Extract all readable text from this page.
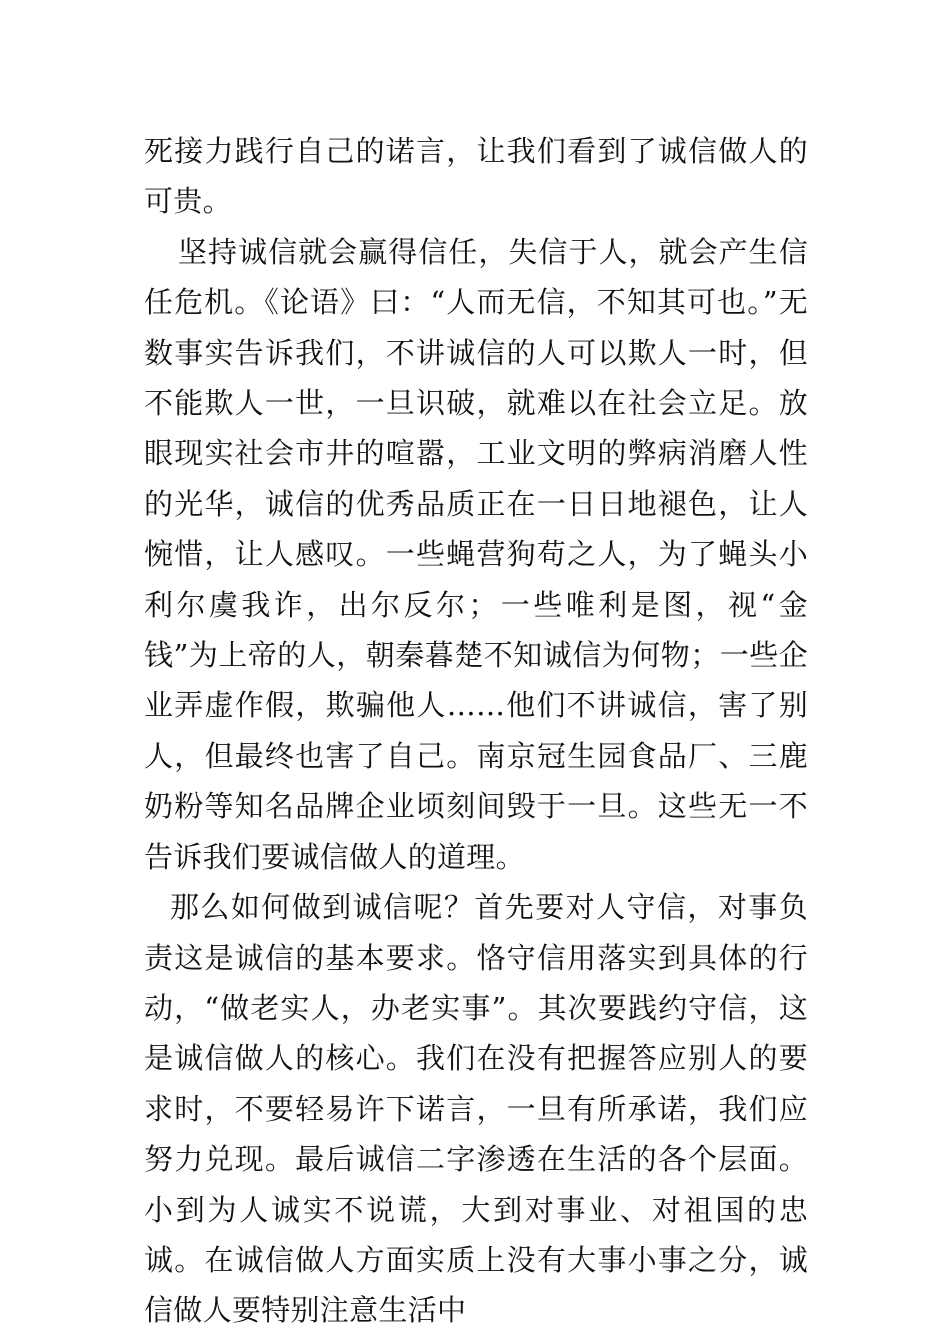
死接力践行自己的诺言，让我们看到了诚信做人的可贵。

坚持诚信就会赢得信任，失信于人，就会产生信任危机。《论语》曰：“人而无信，不知其可也。”无数事实告诉我们，不讲诚信的人可以欺人一时，但不能欺人一世，一旦识破，就难以在社会立足。放眼现实社会市井的喧嚣，工业文明的弊病消磨人性的光华，诚信的优秀品质正在一日日地褪色，让人惋惜，让人感叹。一些蝇营狗苟之人，为了蝇头小利尔虞我诈，出尔反尔；一些唯利是图，视“金钱”为上帝的人，朝秦暮楚不知诚信为何物；一些企业弄虚作假，欺骗他人……他们不讲诚信，害了别人，但最终也害了自己。南京冠生园食品厂、三鹿奶粉等知名品牌企业顷刻间毁于一旦。这些无一不告诉我们要诚信做人的道理。

那么如何做到诚信呢？首先要对人守信，对事负责这是诚信的基本要求。恪守信用落实到具体的行动，“做老实人，办老实事”。其次要践约守信，这是诚信做人的核心。我们在没有把握答应别人的要求时，不要轻易许下诺言，一旦有所承诺，我们应努力兑现。最后诚信二字渗透在生活的各个层面。小到为人诚实不说谎，大到对事业、对祖国的忠诚。在诚信做人方面实质上没有大事小事之分，诚信做人要特别注意生活中
